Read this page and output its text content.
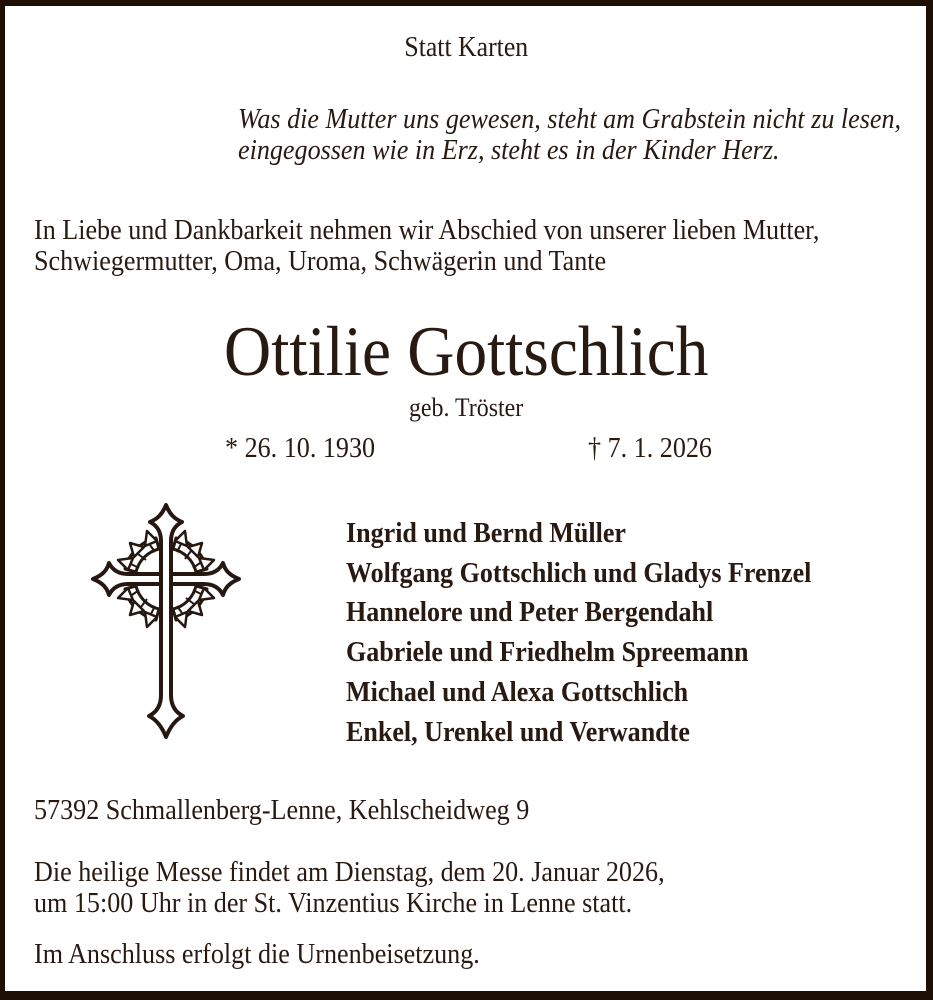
Statt Karten
Was die Mutter uns gewesen, steht am Grabstein nicht zu lesen,
eingegossen wie in Erz, steht es in der Kinder Herz.
In Liebe und Dankbarkeit nehmen wir Abschied von unserer lieben Mutter,
Schwiegermutter, Oma, Uroma, Schwägerin und Tante
Ottilie Gottschlich
geb. Tröster
* 26. 10. 1930	† 7. 1. 2026
Ingrid und Bernd Müller
Wolfgang Gottschlich und Gladys Frenzel
Hannelore und Peter Bergendahl
Gabriele und Friedhelm Spreemann
Michael und Alexa Gottschlich
Enkel, Urenkel und Verwandte
57392 Schmallenberg-Lenne, Kehlscheidweg 9
Die heilige Messe findet am Dienstag, dem 20. Januar 2026,
um 15:00 Uhr in der St. Vinzentius Kirche in Lenne statt.
Im Anschluss erfolgt die Urnenbeisetzung.
